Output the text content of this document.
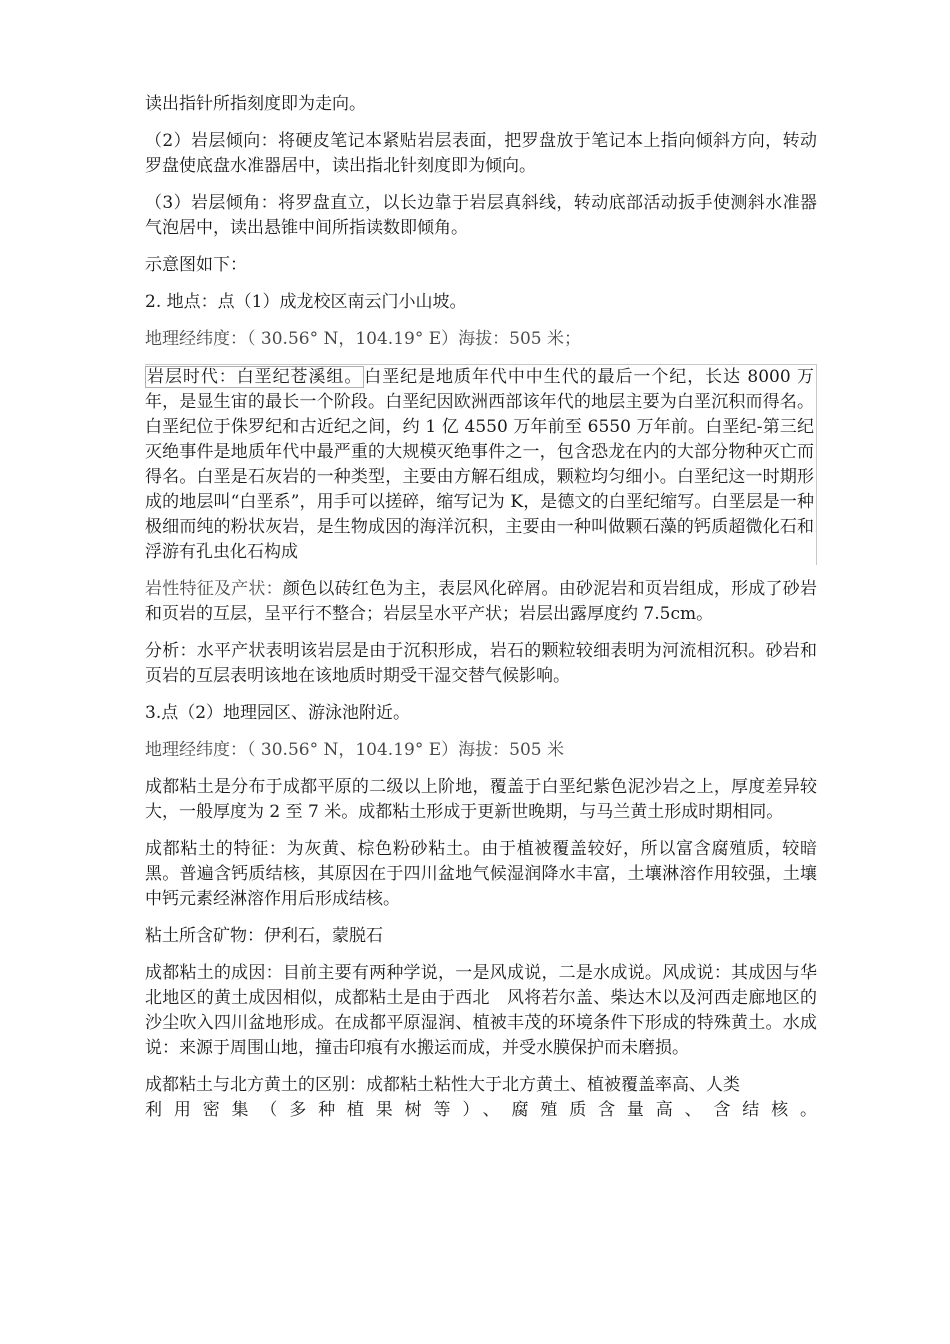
读出指针所指刻度即为走向。

（2）岩层倾向：将硬皮笔记本紧贴岩层表面，把罗盘放于笔记本上指向倾斜方向，转动罗盘使底盘水准器居中，读出指北针刻度即为倾向。

（3）岩层倾角：将罗盘直立，以长边靠于岩层真斜线，转动底部活动扳手使测斜水准器气泡居中，读出悬锥中间所指读数即倾角。

示意图如下：

2. 地点：点（1）成龙校区南云门小山坡。

地理经纬度：（ 30.56° N，104.19° E）海拔：505 米；

岩层时代：白垩纪苍溪组。 白垩纪是地质年代中中生代的最后一个纪，长达 8000 万年，是显生宙的最长一个阶段。白垩纪因欧洲西部该年代的地层主要为白垩沉积而得名。白垩纪位于侏罗纪和古近纪之间，约 1 亿 4550 万年前至 6550 万年前。白垩纪-第三纪灭绝事件是地质年代中最严重的大规模灭绝事件之一，包含恐龙在内的大部分物种灭亡而得名。白垩是石灰岩的一种类型，主要由方解石组成，颗粒均匀细小。白垩纪这一时期形成的地层叫“白垩系”，用手可以搓碎，缩写记为 K，是德文的白垩纪缩写。白垩层是一种极细而纯的粉状灰岩，是生物成因的海洋沉积，主要由一种叫做颗石藻的钙质超微化石和浮游有孔虫化石构成

岩性特征及产状：颜色以砖红色为主，表层风化碎屑。由砂泥岩和页岩组成，形成了砂岩和页岩的互层，呈平行不整合；岩层呈水平产状；岩层出露厚度约 7.5cm。

分析：水平产状表明该岩层是由于沉积形成，岩石的颗粒较细表明为河流相沉积。砂岩和页岩的互层表明该地在该地质时期受干湿交替气候影响。

3.点（2）地理园区、游泳池附近。

地理经纬度：（ 30.56° N，104.19° E）海拔：505 米

成都粘土是分布于成都平原的二级以上阶地，覆盖于白垩纪紫色泥沙岩之上，厚度差异较大，一般厚度为 2 至 7 米。成都粘土形成于更新世晚期，与马兰黄土形成时期相同。

成都粘土的特征：为灰黄、棕色粉砂粘土。由于植被覆盖较好，所以富含腐殖质，较暗黑。普遍含钙质结核，其原因在于四川盆地气候湿润降水丰富，土壤淋溶作用较强，土壤中钙元素经淋溶作用后形成结核。

粘土所含矿物：伊利石，蒙脱石

成都粘土的成因：目前主要有两种学说，一是风成说，二是水成说。风成说：其成因与华北地区的黄土成因相似，成都粘土是由于西北　风将若尔盖、柴达木以及河西走廊地区的沙尘吹入四川盆地形成。在成都平原湿润、植被丰茂的环境条件下形成的特殊黄土。水成说：来源于周围山地，撞击印痕有水搬运而成，并受水膜保护而未磨损。

成都粘土与北方黄土的区别：成都粘土粘性大于北方黄土、植被覆盖率高、人类

利用密集（多种植果树等）、腐殖质含量高、含结核。
